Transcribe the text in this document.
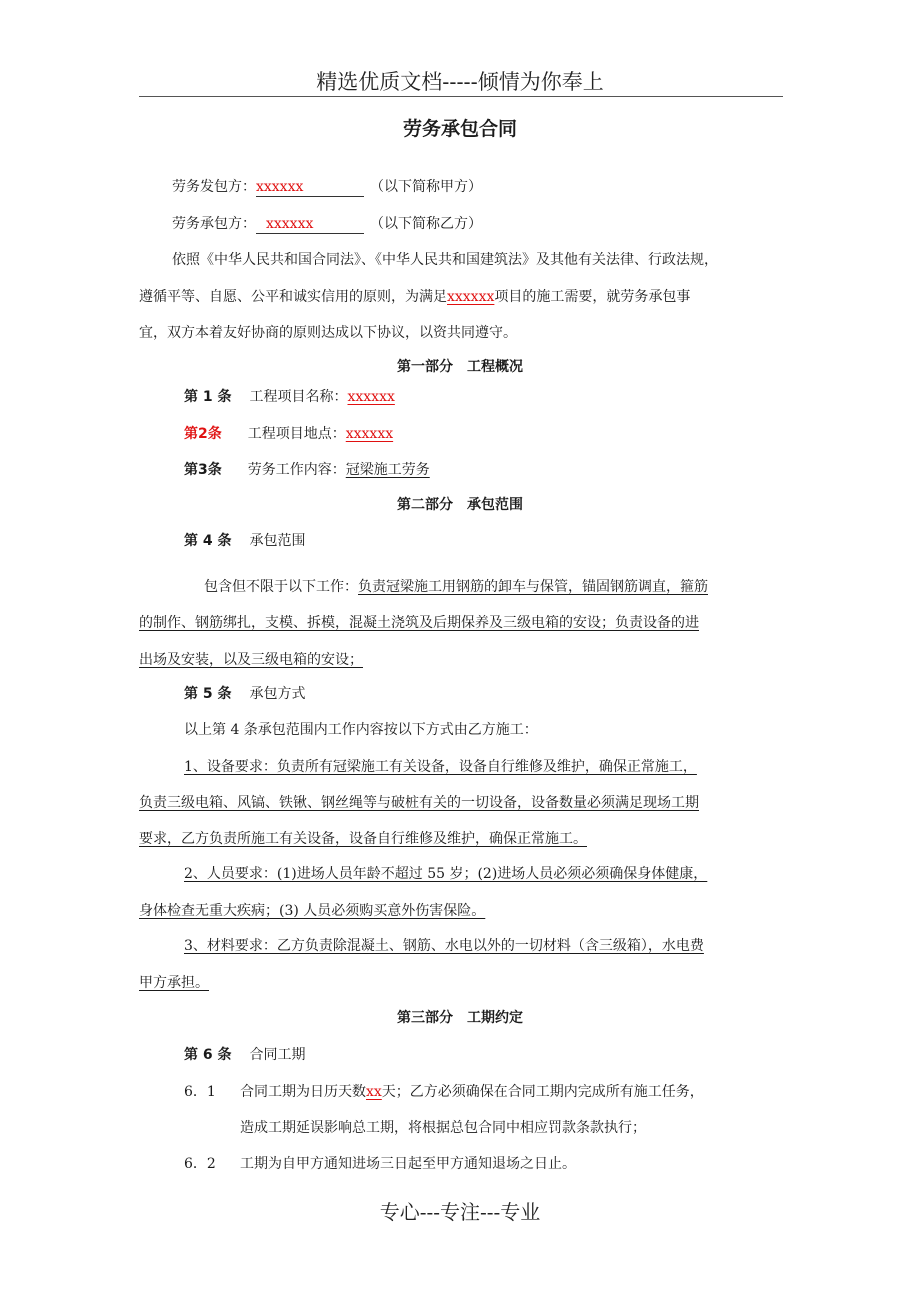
精选优质文档-----倾情为你奉上
劳务承包合同
劳务发包方：xxxxxx	（以下简称甲方）
劳务承包方： xxxxxx	（以下简称乙方）
依照《中华人民共和国合同法》、《中华人民共和国建筑法》及其他有关法律、行政法规，
遵循平等、自愿、公平和诚实信用的原则，为满足xxxxxx项目的施工需要，就劳务承包事
宜，双方本着友好协商的原则达成以下协议，以资共同遵守。
第一部分　工程概况
第 1 条 工程项目名称：xxxxxx
第2条 工程项目地点：xxxxxx
第3条 劳务工作内容：冠梁施工劳务
第二部分　承包范围
第 4 条 承包范围
包含但不限于以下工作：负责冠梁施工用钢筋的卸车与保管，锚固钢筋调直，箍筋
的制作、钢筋绑扎，支模、拆模，混凝土浇筑及后期保养及三级电箱的安设；负责设备的进
出场及安装，以及三级电箱的安设；
第 5 条 承包方式
以上第 4 条承包范围内工作内容按以下方式由乙方施工：
1、设备要求：负责所有冠梁施工有关设备，设备自行维修及维护，确保正常施工，
负责三级电箱、风镐、铁锹、钢丝绳等与破桩有关的一切设备，设备数量必须满足现场工期
要求，乙方负责所施工有关设备，设备自行维修及维护，确保正常施工。
2、人员要求：(1)进场人员年龄不超过 55 岁；(2)进场人员必须必须确保身体健康，
身体检查无重大疾病；(3) 人员必须购买意外伤害保险。
3、材料要求：乙方负责除混凝土、钢筋、水电以外的一切材料（含三级箱），水电费
甲方承担。
第三部分　工期约定
第 6 条 合同工期
6．1 合同工期为日历天数xx天；乙方必须确保在合同工期内完成所有施工任务，
造成工期延误影响总工期，将根据总包合同中相应罚款条款执行；
6．2 工期为自甲方通知进场三日起至甲方通知退场之日止。
专心---专注---专业
